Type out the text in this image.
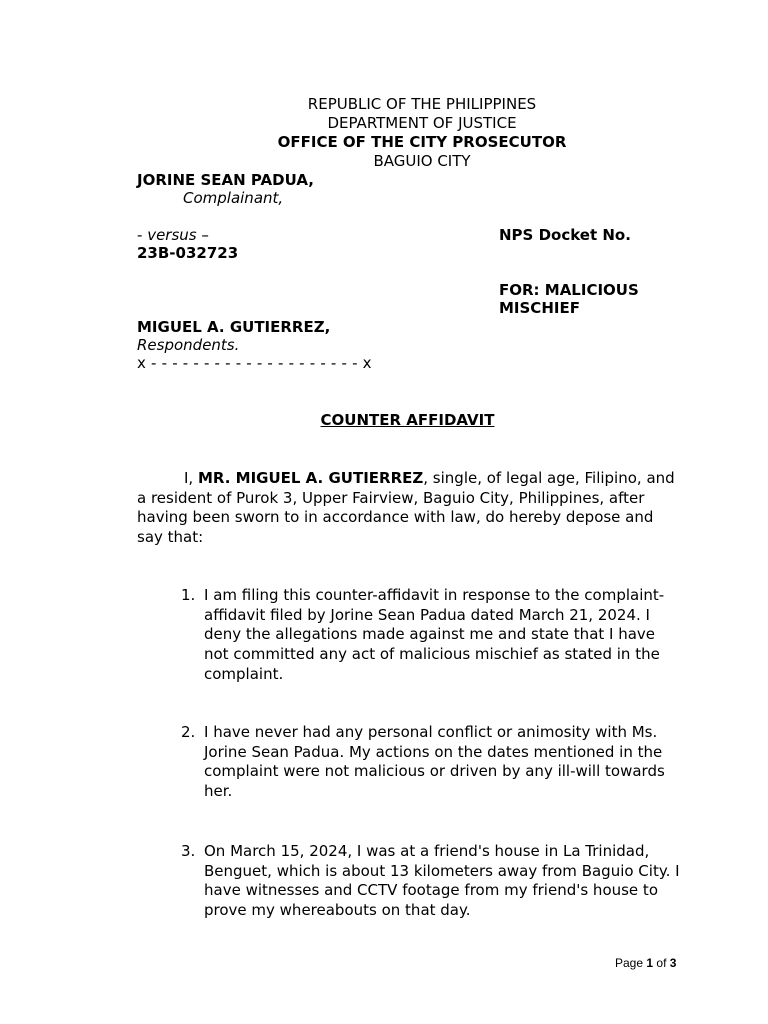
REPUBLIC OF THE PHILIPPINES
DEPARTMENT OF JUSTICE
OFFICE OF THE CITY PROSECUTOR
BAGUIO CITY
JORINE SEAN PADUA,
Complainant,
- versus –	NPS Docket No.
23B-032723
FOR: MALICIOUS
MISCHIEF
MIGUEL A. GUTIERREZ,
Respondents.
x - - - - - - - - - - - - - - - - - - - - x
COUNTER AFFIDAVIT
I, MR. MIGUEL A. GUTIERREZ, single, of legal age, Filipino, and a resident of Purok 3, Upper Fairview, Baguio City, Philippines, after having been sworn to in accordance with law, do hereby depose and say that:
1. I am filing this counter-affidavit in response to the complaint-affidavit filed by Jorine Sean Padua dated March 21, 2024. I deny the allegations made against me and state that I have not committed any act of malicious mischief as stated in the complaint.
2. I have never had any personal conflict or animosity with Ms. Jorine Sean Padua. My actions on the dates mentioned in the complaint were not malicious or driven by any ill-will towards her.
3. On March 15, 2024, I was at a friend's house in La Trinidad, Benguet, which is about 13 kilometers away from Baguio City. I have witnesses and CCTV footage from my friend's house to prove my whereabouts on that day.
Page 1 of 3
